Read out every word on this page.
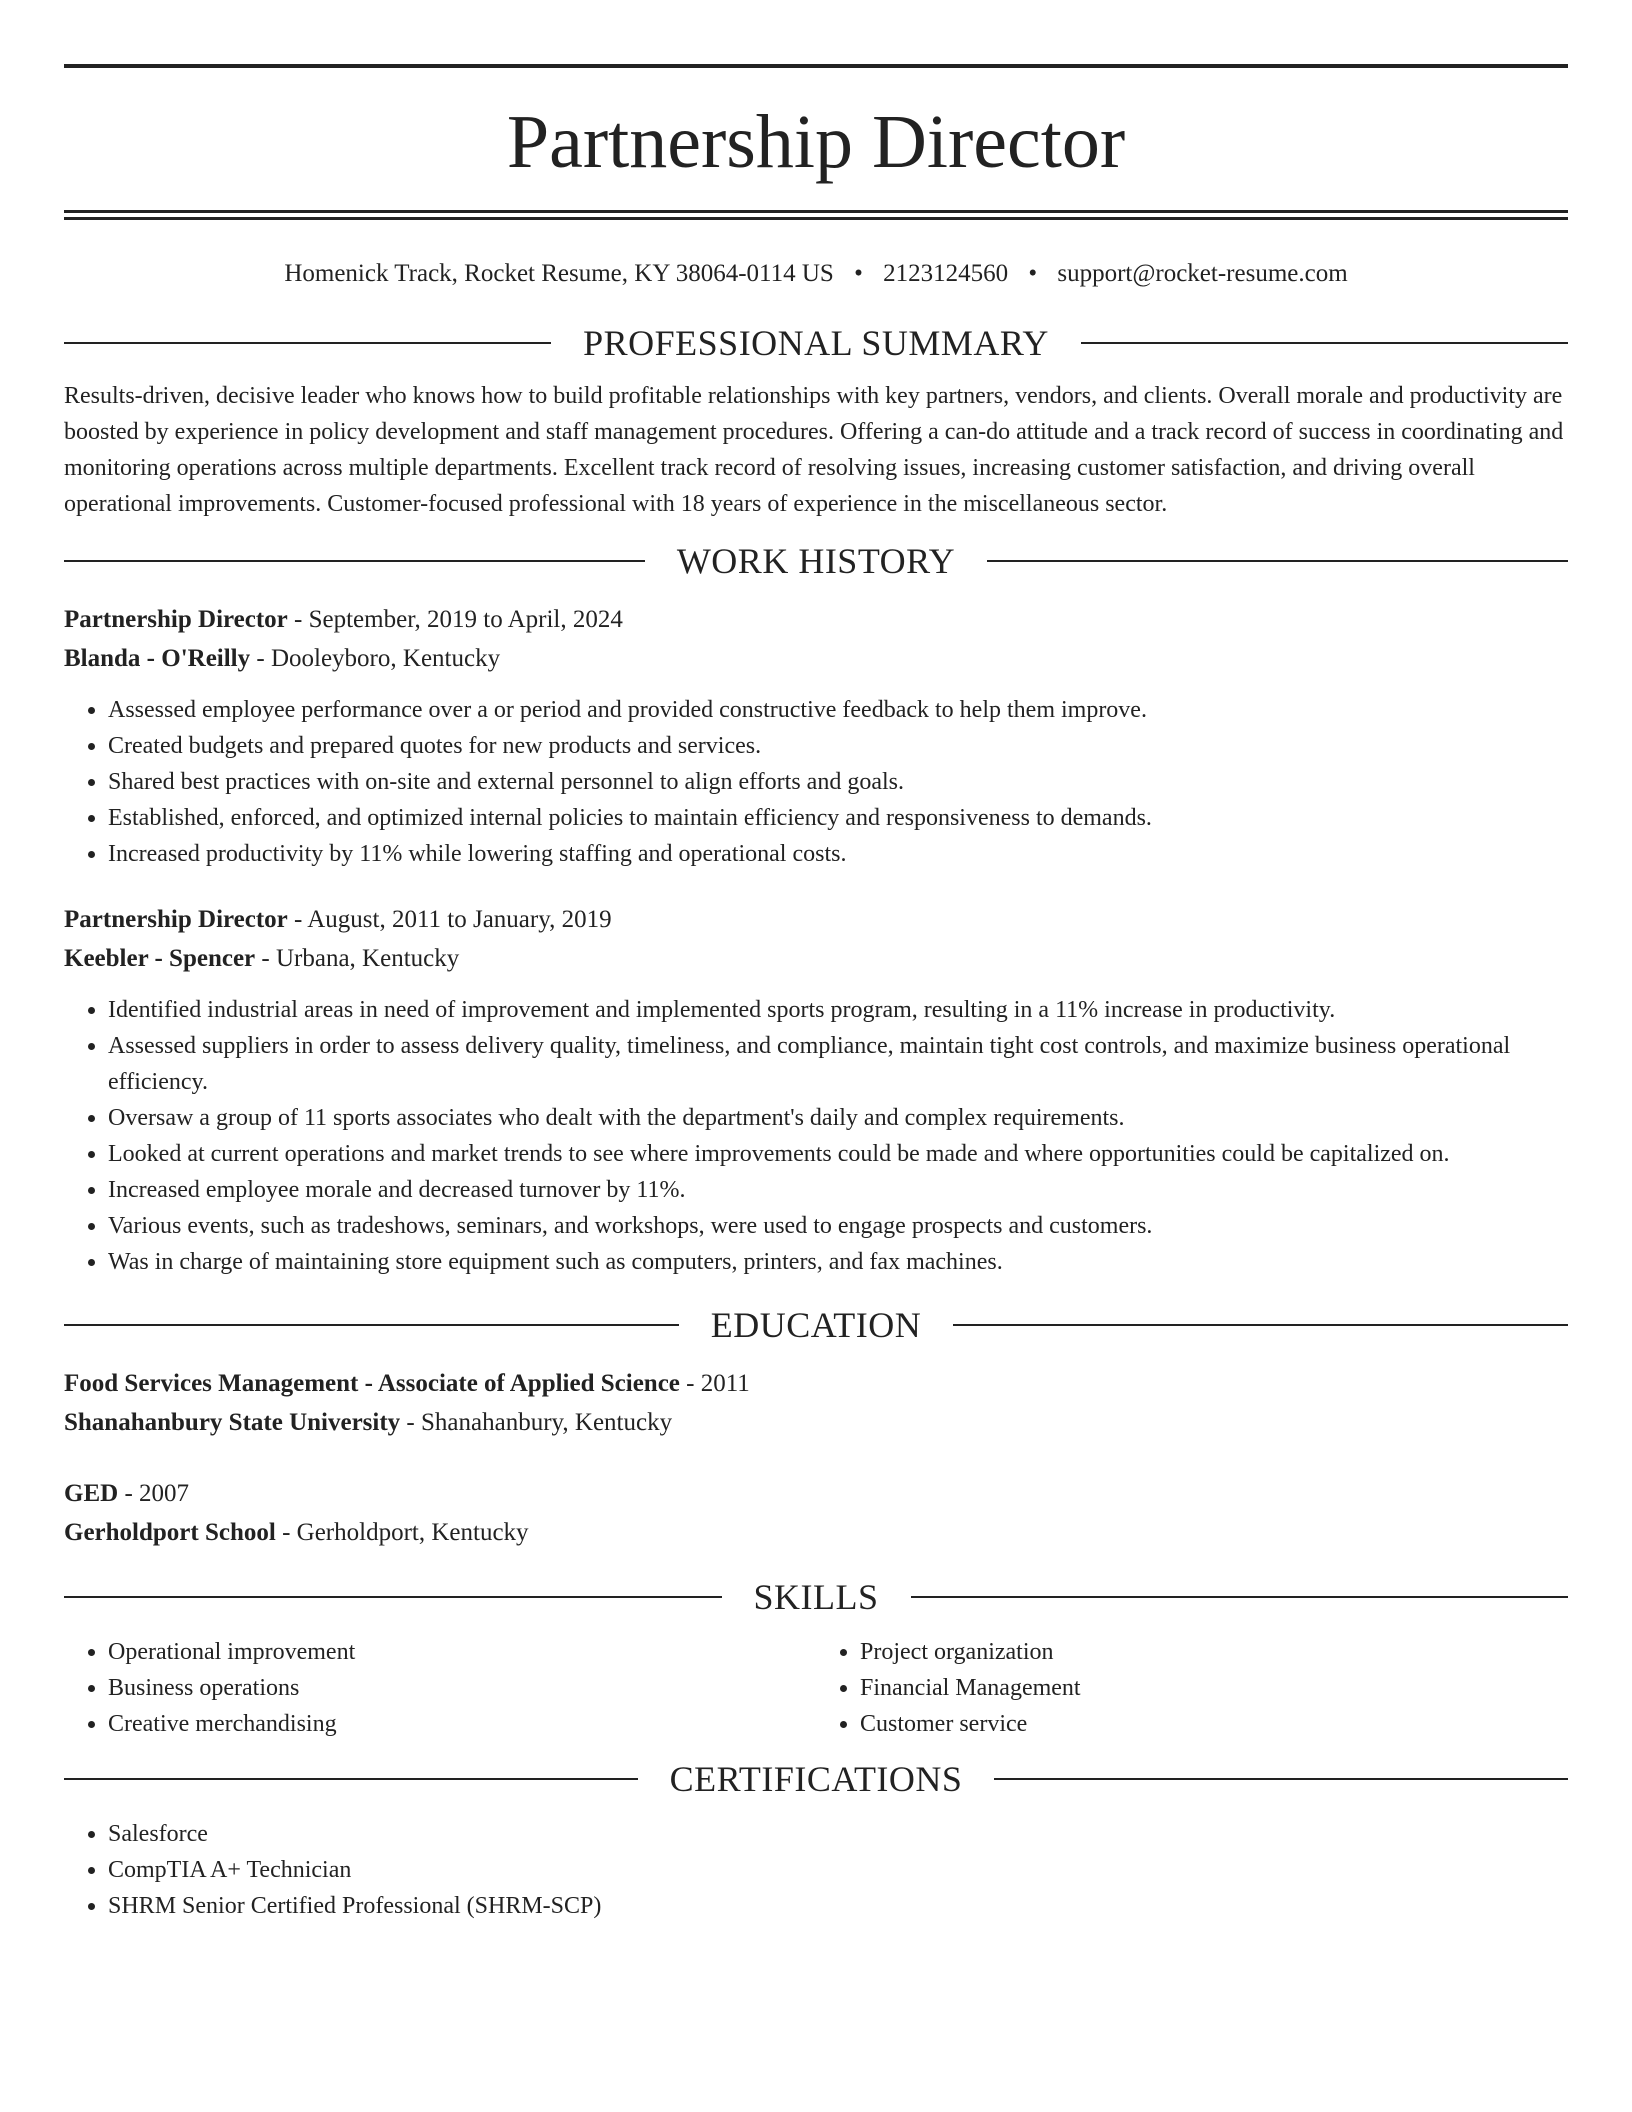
Partnership Director
Homenick Track, Rocket Resume, KY 38064-0114 US • 2123124560 • support@rocket-resume.com
PROFESSIONAL SUMMARY

Results-driven, decisive leader who knows how to build profitable relationships with key partners, vendors, and clients. Overall morale and productivity are boosted by experience in policy development and staff management procedures. Offering a can-do attitude and a track record of success in coordinating and monitoring operations across multiple departments. Excellent track record of resolving issues, increasing customer satisfaction, and driving overall operational improvements. Customer-focused professional with 18 years of experience in the miscellaneous sector.

WORK HISTORY
Partnership Director - September, 2019 to April, 2024
Blanda - O'Reilly - Dooleyboro, Kentucky
• Assessed employee performance over a or period and provided constructive feedback to help them improve.
• Created budgets and prepared quotes for new products and services.
• Shared best practices with on-site and external personnel to align efforts and goals.
• Established, enforced, and optimized internal policies to maintain efficiency and responsiveness to demands.
• Increased productivity by 11% while lowering staffing and operational costs.
Partnership Director - August, 2011 to January, 2019
Keebler - Spencer - Urbana, Kentucky
• Identified industrial areas in need of improvement and implemented sports program, resulting in a 11% increase in productivity.
• Assessed suppliers in order to assess delivery quality, timeliness, and compliance, maintain tight cost controls, and maximize business operational efficiency.
• Oversaw a group of 11 sports associates who dealt with the department's daily and complex requirements.
• Looked at current operations and market trends to see where improvements could be made and where opportunities could be capitalized on.
• Increased employee morale and decreased turnover by 11%.
• Various events, such as tradeshows, seminars, and workshops, were used to engage prospects and customers.
• Was in charge of maintaining store equipment such as computers, printers, and fax machines.
EDUCATION
Food Services Management - Associate of Applied Science - 2011
Shanahanbury State University - Shanahanbury, Kentucky
GED - 2007
Gerholdport School - Gerholdport, Kentucky
SKILLS
• Operational improvement
• Business operations
• Creative merchandising
• Project organization
• Financial Management
• Customer service
CERTIFICATIONS
• Salesforce
• CompTIA A+ Technician
• SHRM Senior Certified Professional (SHRM-SCP)
